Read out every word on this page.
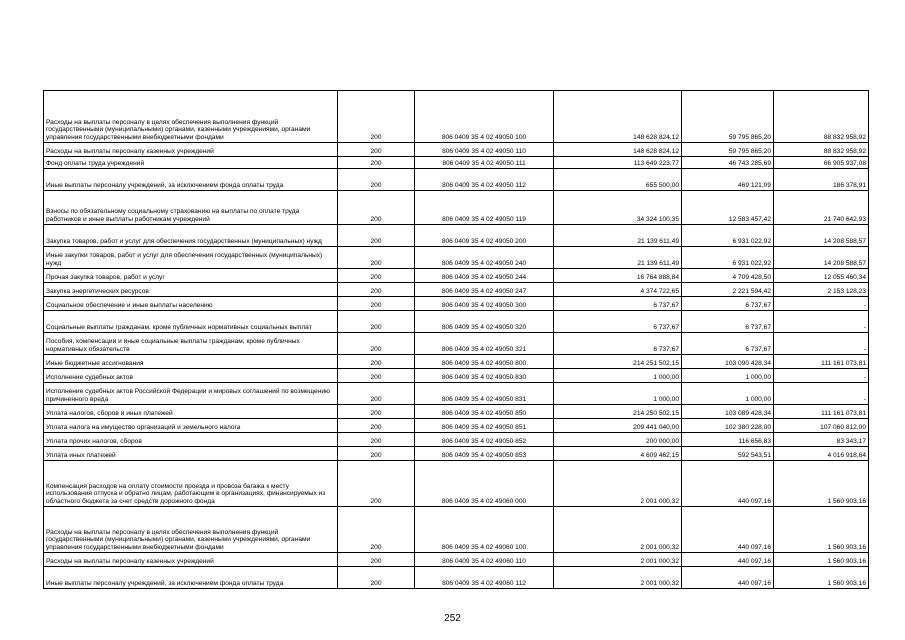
Расходы на выплаты персоналу в целях обеспечения выполнения функций государственными (муниципальными) органами, казенными учреждениями, органами управления государственными внебюджетными фондами	200	806 0409 35 4 02 49050 100	148 628 824,12	59 795 865,20	88 832 958,92
Расходы на выплаты персоналу казенных учреждений	200	806 0409 35 4 02 49050 110	148 628 824,12	59 795 865,20	88 832 958,92
Фонд оплаты труда учреждений	200	806 0409 35 4 02 49050 111	113 649 223,77	46 743 285,69	66 905 937,08
Иные выплаты персоналу учреждений, за исключением фонда оплаты труда	200	806 0409 35 4 02 49050 112	655 500,00	469 121,09	186 378,91
Взносы по обязательному социальному страхованию на выплаты по оплате труда работников и иные выплаты работникам учреждений	200	806 0409 35 4 02 49050 119	34 324 100,35	12 583 457,42	21 740 642,93
Закупка товаров, работ и услуг для обеспечения государственных (муниципальных) нужд	200	806 0409 35 4 02 49050 200	21 139 611,49	6 931 022,92	14 208 588,57
Иные закупки товаров, работ и услуг для обеспечения государственных (муниципальных) нужд	200	806 0409 35 4 02 49050 240	21 139 611,49	6 931 022,92	14 208 588,57
Прочая закупка товаров, работ и услуг	200	806 0409 35 4 02 49050 244	16 764 888,84	4 709 428,50	12 055 460,34
Закупка энергетических ресурсов	200	806 0409 35 4 02 49050 247	4 374 722,65	2 221 594,42	2 153 128,23
Социальное обеспечение и иные выплаты населению	200	806 0409 35 4 02 49050 300	6 737,67	6 737,67	-
Социальные выплаты гражданам, кроме публичных нормативных социальных выплат	200	806 0409 35 4 02 49050 320	6 737,67	6 737,67	-
Пособия, компенсации и иные социальные выплаты гражданам, кроме публичных нормативных обязательств	200	806 0409 35 4 02 49050 321	6 737,67	6 737,67	-
Иные бюджетные ассигнования	200	806 0409 35 4 02 49050 800	214 251 502,15	103 090 428,34	111 161 073,81
Исполнение судебных актов	200	806 0409 35 4 02 49050 830	1 000,00	1 000,00	-
Исполнение судебных актов Российской Федерации и мировых соглашений по возмещению причиненного вреда	200	806 0409 35 4 02 49050 831	1 000,00	1 000,00	-
Уплата налогов, сборов и иных платежей	200	806 0409 35 4 02 49050 850	214 250 502,15	103 089 428,34	111 161 073,81
Уплата налога на имущество организаций и земельного налога	200	806 0409 35 4 02 49050 851	209 441 040,00	102 380 228,00	107 060 812,00
Уплата прочих налогов, сборов	200	806 0409 35 4 02 49050 852	200 000,00	116 656,83	83 343,17
Уплата иных платежей	200	806 0409 35 4 02 49050 853	4 609 462,15	592 543,51	4 016 918,64
Компенсация расходов на оплату стоимости проезда и провоза багажа к месту использования отпуска и обратно лицам, работающим в организациях, финансируемых из областного бюджета за счет средств дорожного фонда	200	806 0409 35 4 02 49060 000	2 001 000,32	440 097,16	1 560 903,16
Расходы на выплаты персоналу в целях обеспечения выполнения функций государственными (муниципальными) органами, казенными учреждениями, органами управления государственными внебюджетными фондами	200	806 0409 35 4 02 49060 100	2 001 000,32	440 097,16	1 560 903,16
Расходы на выплаты персоналу казенных учреждений	200	806 0409 35 4 02 49060 110	2 001 000,32	440 097,16	1 560 903,16
Иные выплаты персоналу учреждений, за исключением фонда оплаты труда	200	806 0409 35 4 02 49060 112	2 001 000,32	440 097,16	1 560 903,16
252
